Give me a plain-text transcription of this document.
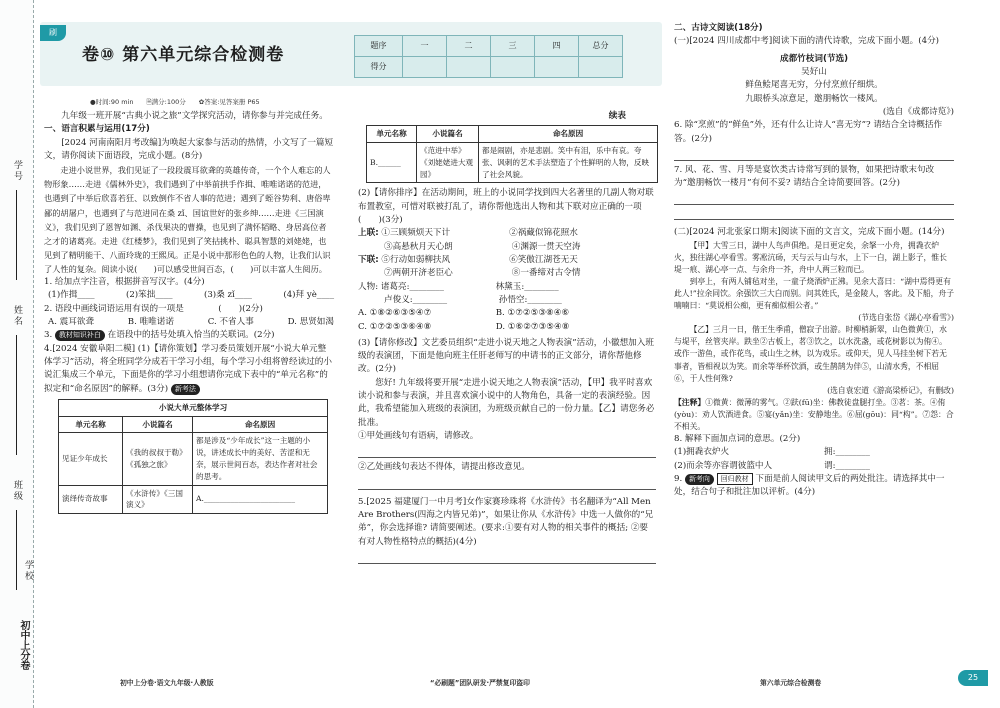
学号
姓名
班级
学校
初中上分卷
刷
卷⑩ 第六单元综合检测卷	题序	一	二	三	四	总分
得分					
●时间:90 min　　🗎满分:100分　　✿答案:见答案册 P65

九年级一班开展“古典小说之旅”文学探究活动，请你参与并完成任务。

一、语言积累与运用(17分)

[2024 河南南阳月考改编]为唤起大家参与活动的热情，小文写了一篇短文，请你阅读下面语段，完成小题。(8分)

走进小说世界，我们见证了一段段震耳欲聋的英雄传奇，一个个人难忘的人物形象……走进《儒林外史》，我们遇到了中举前拱手作揖、唯唯诺诺的范进，也遇到了中举后欣喜若狂、以致倒作不省人事的范进；遇到了蛭谷势利、唐俗卑鄙的胡屠户，也遇到了与范进同在桑 zǐ、国谊世好的张乡绅……走进《三国演义》，我们见到了恩智如渊、杀伐果决的曹操，也见到了满怀韬略、身居高位者之才的诸葛亮。走进《红楼梦》，我们见到了笑拈挑朴、聪具智慧的刘姥姥，也见到了精明能干、八面玲珑的王熙凤。正是小说中那形色色的人物，让我们认识了人性的复杂。阅读小说(　　)可以感受世间百态，(　　)可以丰富人生阅历。

1. 给加点字注音，根据拼音写汉字。(4分)

(1)作揖____	(2)笨拙____	(3)桑 zǐ____	(4)拜 yè____

2. 语段中画线词语运用有误的一项是　　　　(　　)(2分)

A. 震耳欲聋	B. 唯唯诺诺	C. 不省人事	D. 思贤如渴

3. 教材知识补白 在语段中的括号处填入恰当的关联词。(2分)

4.[2024 安徽阜阳二模] (1)【请你策划】学习委员策划开展“小说大单元整体学习”活动，将全班同学分成若干学习小组，每个学习小组将曾经读过的小说汇集成三个单元，下面是你的学习小组想请你完成下表中的“单元名称”的拟定和“命名原因”的解释。(3分) 新考法

小说大单元整体学习		
单元名称	小说篇名	命名原因
见证少年成长	《我的叔叔于勒》《孤独之旅》	都是涉及“少年成长”这一主题的小说，讲述成长中的美好、苦涩和无奈，展示世间百态，表达作者对社会的思考。
演绎传奇故事	《水浒传》《三国演义》	A.________________________

续表

单元名称	小说篇名	命名原因
B.______	《范进中举》《刘姥姥进大观园》	都是闹剧，亦是悲剧。笑中有泪，乐中有哀。夸张、讽刺的艺术手法塑造了个性鲜明的人物，反映了社会风貌。

(2)【请你排序】在活动期间，班上的小说同学找到四大名著里的几副人物对联布置教室，可惜对联被打乱了，请你帮他选出人物和其下联对应正确的一项　　　　　(　　)(3分)

上联: ①三顾频烦天下计	②祸藏似锦花照水

③高悬秋月天心朗	④渊源一贯天空涛

下联: ⑤行动如弱柳扶风	⑥笑傲江湖苍无天

⑦两朝开济老臣心	⑧一番缔对古令情

人物: 诸葛亮:________	林黛玉:________

卢俊义:________	孙悟空:________

A. ①⑧②⑥③⑤④⑦	B. ①⑦②⑤③⑧④⑥

C. ①⑦②⑤③⑥④⑧	D. ①⑥②⑦③⑤④⑧

(3)【请你修改】文艺委员组织“走进小说天地之人物表演”活动，小徽想加入班级的表演团，下面是他向班主任肝老师写的申请书的正文部分，请你帮他修改。(2分)

您好! 九年级将要开展“走进小说天地之人物表演”活动，【甲】我平时喜欢读小说和参与表演，并且喜欢演小说中的人物角色，具备一定的表演经验。因此，我希望能加入班级的表演团，为班级贡献自己的一份力量。【乙】请您务必批准。

①甲处画线句有语病，请修改。

②乙处画线句表达不得体，请提出修改意见。

5.[2025 福建厦门一中月考]女作家赛珍珠将《水浒传》书名翻译为“All Men Are Brothers(四海之内皆兄弟)”，如果让你从《水浒传》中选一人做你的“兄弟”，你会选择谁? 请简要阐述。(要求:①要有对人物的相关事件的概括; ②要有对人物性格特点的概括)(4分)

二、古诗文阅读(18分)

(一)[2024 四川成都中考]阅读下面的清代诗歌，完成下面小题。(4分)

成都竹枝词(节选)

吴好山

鲜鱼鲙尾喜无穷，分付烹煎仔细烘。

九眼桥头凉意足，邀朋畅饮一楼风。

(选自《成都诗览》)

6. 除“烹煎”的“鲜鱼”外，还有什么让诗人“喜无穷”? 请结合全诗概括作答。(2分)

7. 风、花、雪、月等是宴饮类古诗常写到的景物，如果把诗歌末句改为“邀朋畅饮一楼月”有何不妥? 请结合全诗简要回答。(2分)

(二)[2024 河北张家口期末]阅读下面的文言文，完成下面小题。(14分)

【甲】大雪三日，湖中人鸟声俱绝。是日更定矣，余拏一小舟，拥毳衣炉火，独往湖心亭看雪。雾凇沆砀，天与云与山与水，上下一白，湖上影子，惟长堤一痕、湖心亭一点、与余舟一芥，舟中人两三粒而已。

到亭上，有两人铺毡对坐，一童子烧酒炉正沸。见余大喜曰：“湖中焉得更有此人!”拉余同饮。余强饮三大白而别。问其姓氏，是金陵人，客此。及下船，舟子喃喃曰：“莫说相公痴，更有痴似相公者。”

(节选自张岱《湖心亭看雪》)

【乙】三月一日，偕王生季甫，僧寂子出游。时柳梢新翠，山色微黄①，水与堤平，丝管夹岸。跌坐②古板上，茗③饮之，以水洗盏，或花树影以为侑④。或作一游鱼，或作花鸟，或山生之林，以为戏乐。或仰天，见人马挂坐树下若无事者，皆相视以为笑。而余等举杯饮酒，或生鹊鹄为伴⑤，山清水秀，不相屈⑥，于人性何殊?

(选自袁宏道《游高梁桥记》，有删改)

【注释】①微黄：微薄的雾气。②趺(fū)坐：佛教徒盘腿打坐。③茗：茶。④侑(yòu)：劝人饮酒进食。⑤宴(yǎn)坐：安静地坐。⑥屈(gōu)：同“构”。⑦怨：合不相关。

8. 解释下面加点词的意思。(2分)

(1)拥毳衣炉火	拥:________

(2)而余等亦容谓彼篮中人	谓:________

9. 新考向 回归教材 下面是前人阅读甲文后的两处批注。请选择其中一处，结合句子和批注加以评析。(4分)

初中上分卷·语文九年级·人教版	“必刷题”团队研发·严禁复印盗印	第六单元综合检测卷
25
